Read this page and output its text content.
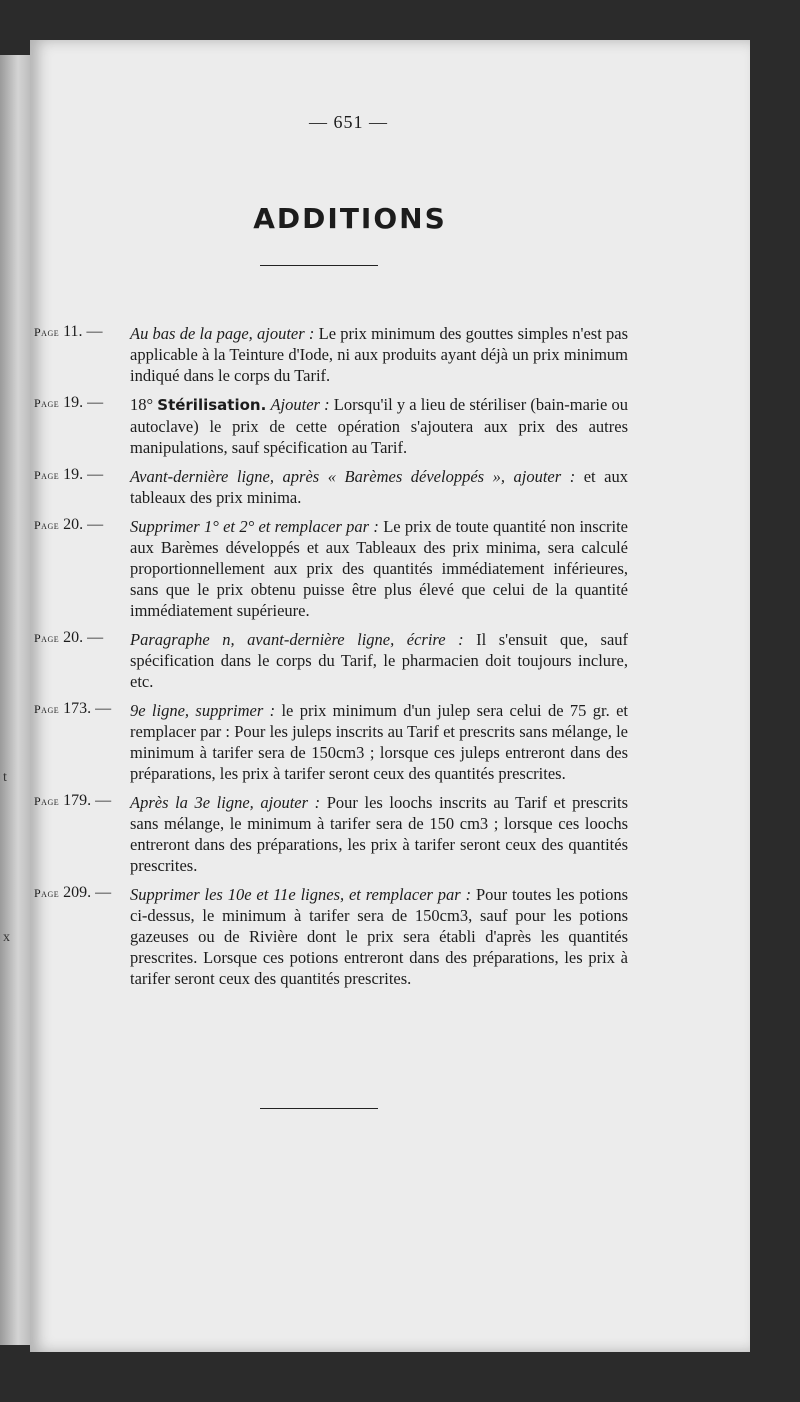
t
x
— 651 —
ADDITIONS
Page 11. —	Au bas de la page, ajouter : Le prix minimum des gouttes simples n'est pas applicable à la Teinture d'Iode, ni aux produits ayant déjà un prix minimum indiqué dans le corps du Tarif.
Page 19. —	18° Stérilisation. Ajouter : Lorsqu'il y a lieu de stériliser (bain-marie ou autoclave) le prix de cette opération s'ajoutera aux prix des autres manipulations, sauf spécification au Tarif.
Page 19. —	Avant-dernière ligne, après « Barèmes développés », ajouter : et aux tableaux des prix minima.
Page 20. —	Supprimer 1° et 2° et remplacer par : Le prix de toute quantité non inscrite aux Barèmes développés et aux Tableaux des prix minima, sera calculé proportionnellement aux prix des quantités immédiatement inférieures, sans que le prix obtenu puisse être plus élevé que celui de la quantité immédiatement supérieure.
Page 20. —	Paragraphe n, avant-dernière ligne, écrire : Il s'ensuit que, sauf spécification dans le corps du Tarif, le pharmacien doit toujours inclure, etc.
Page 173. —	9e ligne, supprimer : le prix minimum d'un julep sera celui de 75 gr. et remplacer par : Pour les juleps inscrits au Tarif et prescrits sans mélange, le minimum à tarifer sera de 150cm3 ; lorsque ces juleps entreront dans des préparations, les prix à tarifer seront ceux des quantités prescrites.
Page 179. —	Après la 3e ligne, ajouter : Pour les loochs inscrits au Tarif et prescrits sans mélange, le minimum à tarifer sera de 150 cm3 ; lorsque ces loochs entreront dans des préparations, les prix à tarifer seront ceux des quantités prescrites.
Page 209. —	Supprimer les 10e et 11e lignes, et remplacer par : Pour toutes les potions ci-dessus, le minimum à tarifer sera de 150cm3, sauf pour les potions gazeuses ou de Rivière dont le prix sera établi d'après les quantités prescrites. Lorsque ces potions entreront dans des préparations, les prix à tarifer seront ceux des quantités prescrites.
